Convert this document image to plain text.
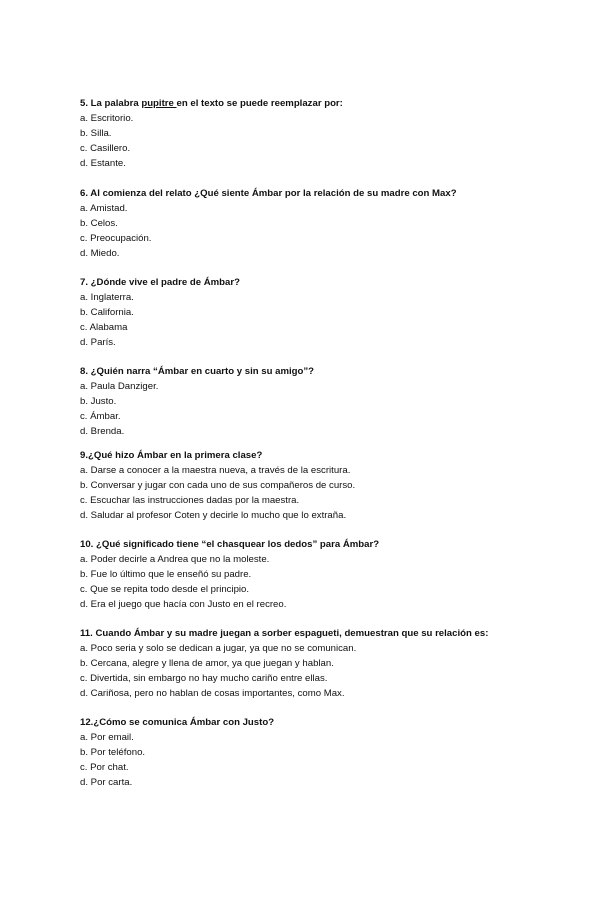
5. La palabra pupitre en el texto se puede reemplazar por:
a. Escritorio.
b. Silla.
c. Casillero.
d. Estante.
6. Al comienza del relato ¿Qué siente Ámbar por la relación de su madre con Max?
a. Amistad.
b. Celos.
c. Preocupación.
d. Miedo.
7. ¿Dónde vive el padre de Ámbar?
a. Inglaterra.
b. California.
c. Alabama
d. París.
8. ¿Quién narra “Ámbar en cuarto y sin su amigo”?
a. Paula Danziger.
b. Justo.
c. Ámbar.
d. Brenda.
9.¿Qué hizo Ámbar en la primera clase?
a. Darse a conocer a la maestra nueva, a través de la escritura.
b. Conversar y jugar con cada uno de sus compañeros de curso.
c. Escuchar las instrucciones dadas por la maestra.
d. Saludar al profesor Coten y decirle lo mucho que lo extraña.
10. ¿Qué significado tiene “el chasquear los dedos” para Ámbar?
a. Poder decirle a Andrea que no la moleste.
b. Fue lo último que le enseñó su padre.
c. Que se repita todo desde el principio.
d. Era el juego que hacía con Justo en el recreo.
11. Cuando Ámbar y su madre juegan a sorber espagueti, demuestran que su relación es:
a. Poco seria y solo se dedican a jugar, ya que no se comunican.
b. Cercana, alegre y llena de amor, ya que juegan y hablan.
c. Divertida, sin embargo no hay mucho cariño entre ellas.
d. Cariñosa, pero no hablan de cosas importantes, como Max.
12.¿Cómo se comunica Ámbar con Justo?
a. Por email.
b. Por teléfono.
c. Por chat.
d. Por carta.
